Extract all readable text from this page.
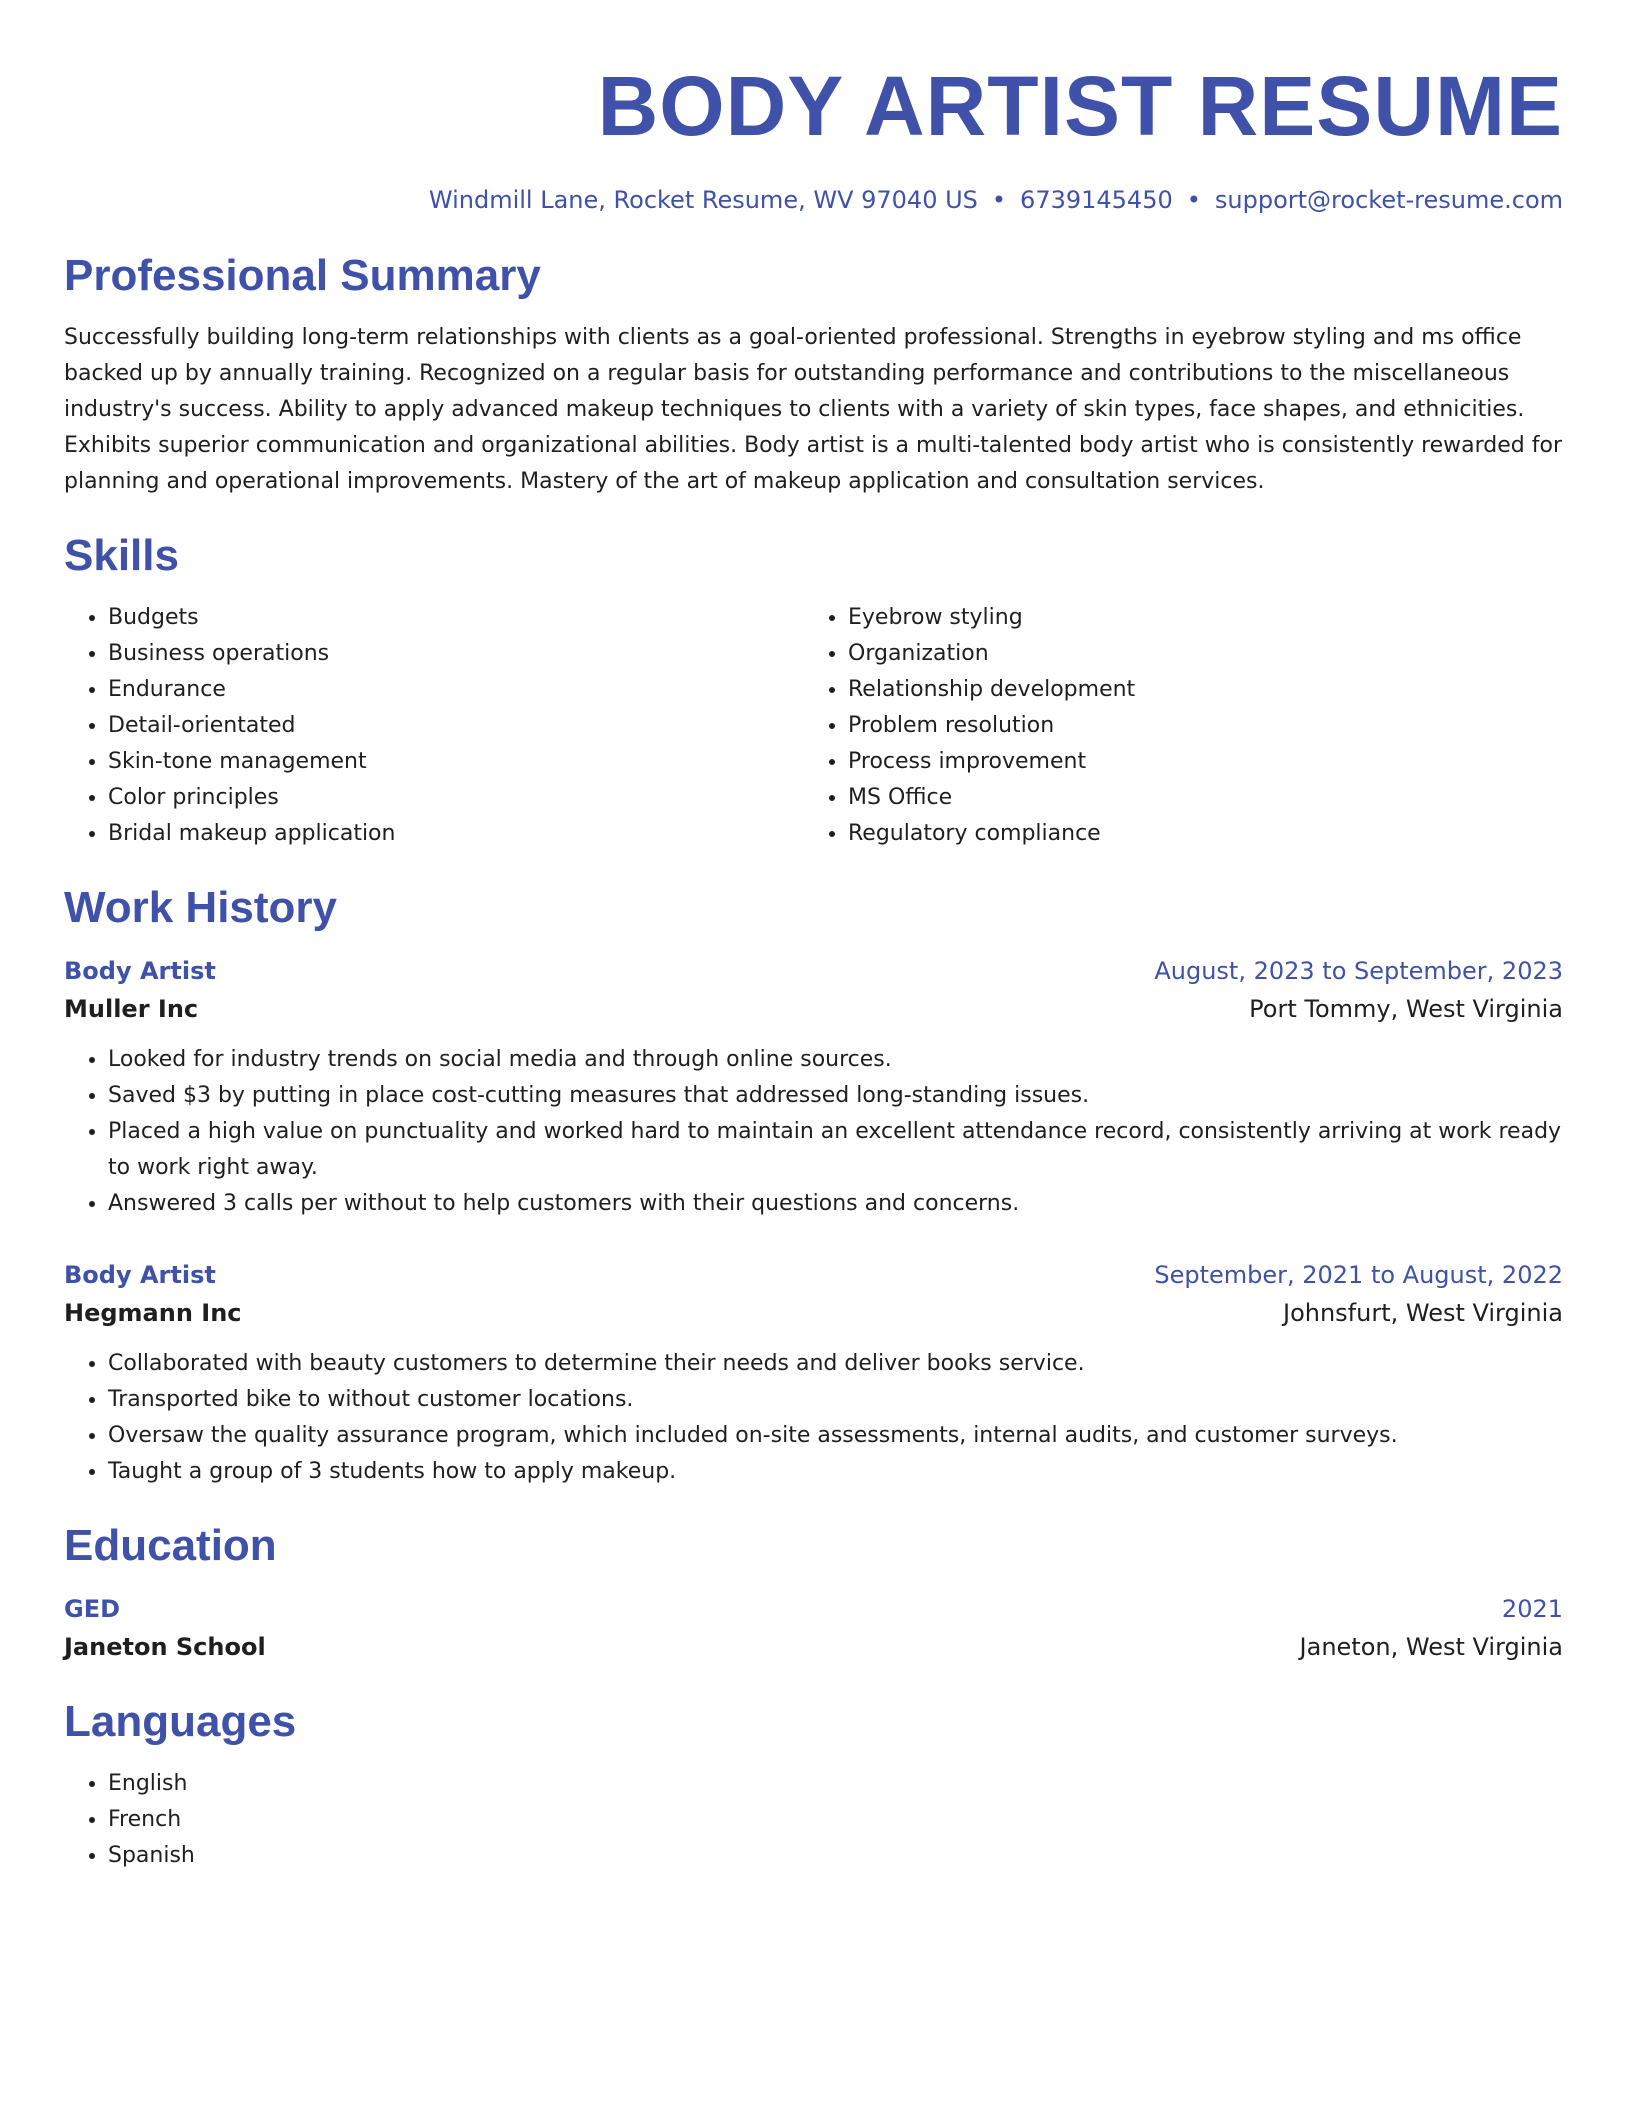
BODY ARTIST RESUME
Windmill Lane, Rocket Resume, WV 97040 US • 6739145450 • support@rocket-resume.com
Professional Summary

Successfully building long-term relationships with clients as a goal-oriented professional. Strengths in eyebrow styling and ms office backed up by annually training. Recognized on a regular basis for outstanding performance and contributions to the miscellaneous industry's success. Ability to apply advanced makeup techniques to clients with a variety of skin types, face shapes, and ethnicities. Exhibits superior communication and organizational abilities. Body artist is a multi-talented body artist who is consistently rewarded for planning and operational improvements. Mastery of the art of makeup application and consultation services.

Skills
• Budgets
• Business operations
• Endurance
• Detail-orientated
• Skin-tone management
• Color principles
• Bridal makeup application
• Eyebrow styling
• Organization
• Relationship development
• Problem resolution
• Process improvement
• MS Office
• Regulatory compliance
Work History
Body Artist	August, 2023 to September, 2023
Muller Inc	Port Tommy, West Virginia
• Looked for industry trends on social media and through online sources.
• Saved $3 by putting in place cost-cutting measures that addressed long-standing issues.
• Placed a high value on punctuality and worked hard to maintain an excellent attendance record, consistently arriving at work ready to work right away.
• Answered 3 calls per without to help customers with their questions and concerns.
Body Artist	September, 2021 to August, 2022
Hegmann Inc	Johnsfurt, West Virginia
• Collaborated with beauty customers to determine their needs and deliver books service.
• Transported bike to without customer locations.
• Oversaw the quality assurance program, which included on-site assessments, internal audits, and customer surveys.
• Taught a group of 3 students how to apply makeup.
Education
GED	2021
Janeton School	Janeton, West Virginia
Languages
• English
• French
• Spanish
